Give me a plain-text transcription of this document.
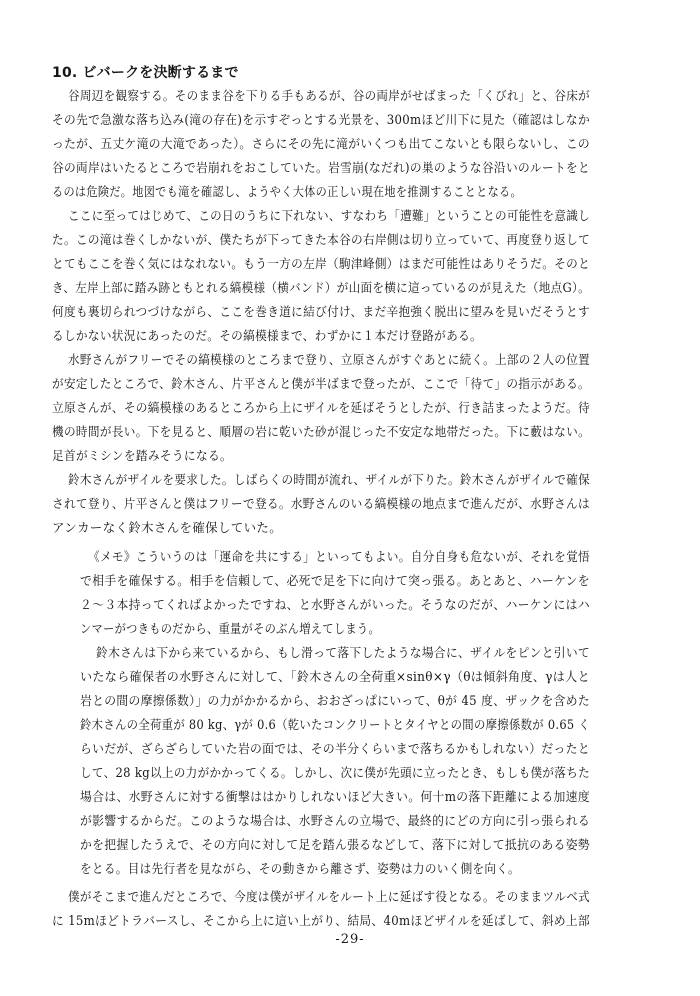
10. ビバークを決断するまで
谷周辺を観察する。そのまま谷を下りる手もあるが、谷の両岸がせばまった「くびれ」と、谷床が
その先で急激な落ち込み(滝の存在)を示すぞっとする光景を、300mほど川下に見た（確認はしなか
ったが、五丈ケ滝の大滝であった）。さらにその先に滝がいくつも出てこないとも限らないし、この
谷の両岸はいたるところで岩崩れをおこしていた。岩雪崩(なだれ)の巣のような谷沿いのルートをと
るのは危険だ。地図でも滝を確認し、ようやく大体の正しい現在地を推測することとなる。
ここに至ってはじめて、この日のうちに下れない、すなわち「遭難」ということの可能性を意識し
た。この滝は巻くしかないが、僕たちが下ってきた本谷の右岸側は切り立っていて、再度登り返して
とてもここを巻く気にはなれない。もう一方の左岸（駒津峰側）はまだ可能性はありそうだ。そのと
き、左岸上部に踏み跡ともとれる縞模様（横バンド）が山面を横に這っているのが見えた（地点G）。
何度も裏切られつづけながら、ここを巻き道に結び付け、まだ辛抱強く脱出に望みを見いだそうとす
るしかない状況にあったのだ。その縞模様まで、わずかに１本だけ登路がある。
水野さんがフリーでその縞模様のところまで登り、立原さんがすぐあとに続く。上部の２人の位置
が安定したところで、鈴木さん、片平さんと僕が半ばまで登ったが、ここで「待て」の指示がある。
立原さんが、その縞模様のあるところから上にザイルを延ばそうとしたが、行き詰まったようだ。待
機の時間が長い。下を見ると、順層の岩に乾いた砂が混じった不安定な地帯だった。下に藪はない。
足首がミシンを踏みそうになる。
鈴木さんがザイルを要求した。しばらくの時間が流れ、ザイルが下りた。鈴木さんがザイルで確保
されて登り、片平さんと僕はフリーで登る。水野さんのいる縞模様の地点まで進んだが、水野さんは
アンカーなく鈴木さんを確保していた。
《メモ》こういうのは「運命を共にする」といってもよい。自分自身も危ないが、それを覚悟
で相手を確保する。相手を信頼して、必死で足を下に向けて突っ張る。あとあと、ハーケンを
２～３本持ってくればよかったですね、と水野さんがいった。そうなのだが、ハーケンにはハ
ンマーがつきものだから、重量がそのぶん増えてしまう。
鈴木さんは下から来ているから、もし滑って落下したような場合に、ザイルをピンと引いて
いたなら確保者の水野さんに対して、「鈴木さんの全荷重×sinθ×γ（θは傾斜角度、γは人と
岩との間の摩擦係数）」の力がかかるから、おおざっぱにいって、θが 45 度、ザックを含めた
鈴木さんの全荷重が 80 kg、γが 0.6（乾いたコンクリートとタイヤとの間の摩擦係数が 0.65 く
らいだが、ざらざらしていた岩の面では、その半分くらいまで落ちるかもしれない）だったと
して、28 kg以上の力がかかってくる。しかし、次に僕が先頭に立ったとき、もしも僕が落ちた
場合は、水野さんに対する衝撃ははかりしれないほど大きい。何十mの落下距離による加速度
が影響するからだ。このような場合は、水野さんの立場で、最終的にどの方向に引っ張られる
かを把握したうえで、その方向に対して足を踏ん張るなどして、落下に対して抵抗のある姿勢
をとる。目は先行者を見ながら、その動きから離さず、姿勢は力のいく側を向く。
僕がそこまで進んだところで、今度は僕がザイルをルート上に延ばす役となる。そのままツルベ式
に 15mほどトラバースし、そこから上に這い上がり、結局、40mほどザイルを延ばして、斜め上部
-29-
